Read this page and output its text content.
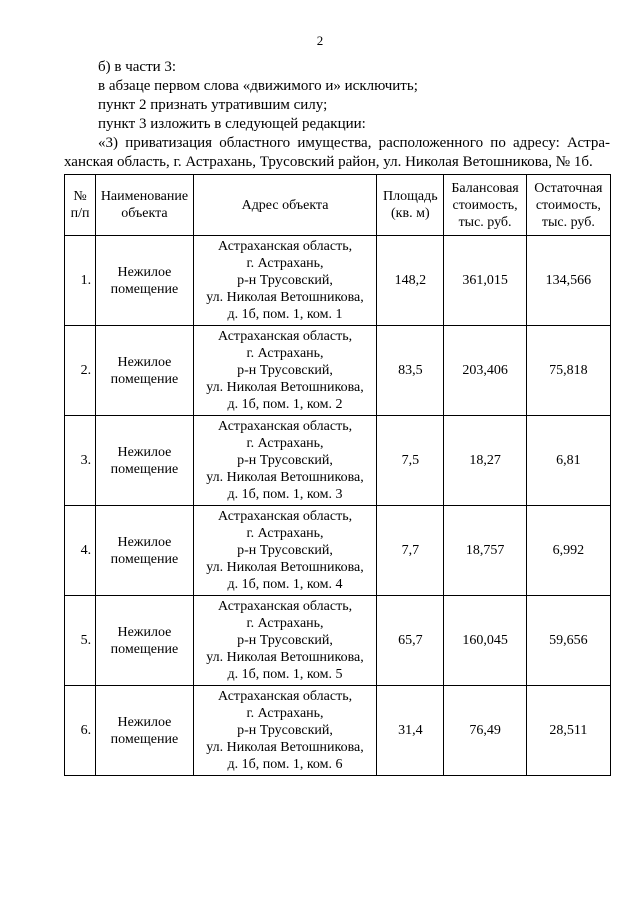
2
б) в части 3:
в абзаце первом слова «движимого и» исключить;
пункт 2 признать утратившим силу;
пункт 3 изложить в следующей редакции:
«3) приватизация областного имущества, расположенного по адресу: Астра-
ханская область, г. Астрахань, Трусовский район, ул. Николая Ветошникова, № 1б.
№
п/п	Наименование
объекта	Адрес объекта	Площадь
(кв. м)	Балансовая
стоимость,
тыс. руб.	Остаточная
стоимость,
тыс. руб.

1.	Нежилое
помещение	Астраханская область,
г. Астрахань,
р-н Трусовский,
ул. Николая Ветошникова,
д. 1б, пом. 1, ком. 1	148,2	361,015	134,566
2.	Нежилое
помещение	Астраханская область,
г. Астрахань,
р-н Трусовский,
ул. Николая Ветошникова,
д. 1б, пом. 1, ком. 2	83,5	203,406	75,818
3.	Нежилое
помещение	Астраханская область,
г. Астрахань,
р-н Трусовский,
ул. Николая Ветошникова,
д. 1б, пом. 1, ком. 3	7,5	18,27	6,81
4.	Нежилое
помещение	Астраханская область,
г. Астрахань,
р-н Трусовский,
ул. Николая Ветошникова,
д. 1б, пом. 1, ком. 4	7,7	18,757	6,992
5.	Нежилое
помещение	Астраханская область,
г. Астрахань,
р-н Трусовский,
ул. Николая Ветошникова,
д. 1б, пом. 1, ком. 5	65,7	160,045	59,656
6.	Нежилое
помещение	Астраханская область,
г. Астрахань,
р-н Трусовский,
ул. Николая Ветошникова,
д. 1б, пом. 1, ком. 6	31,4	76,49	28,511
